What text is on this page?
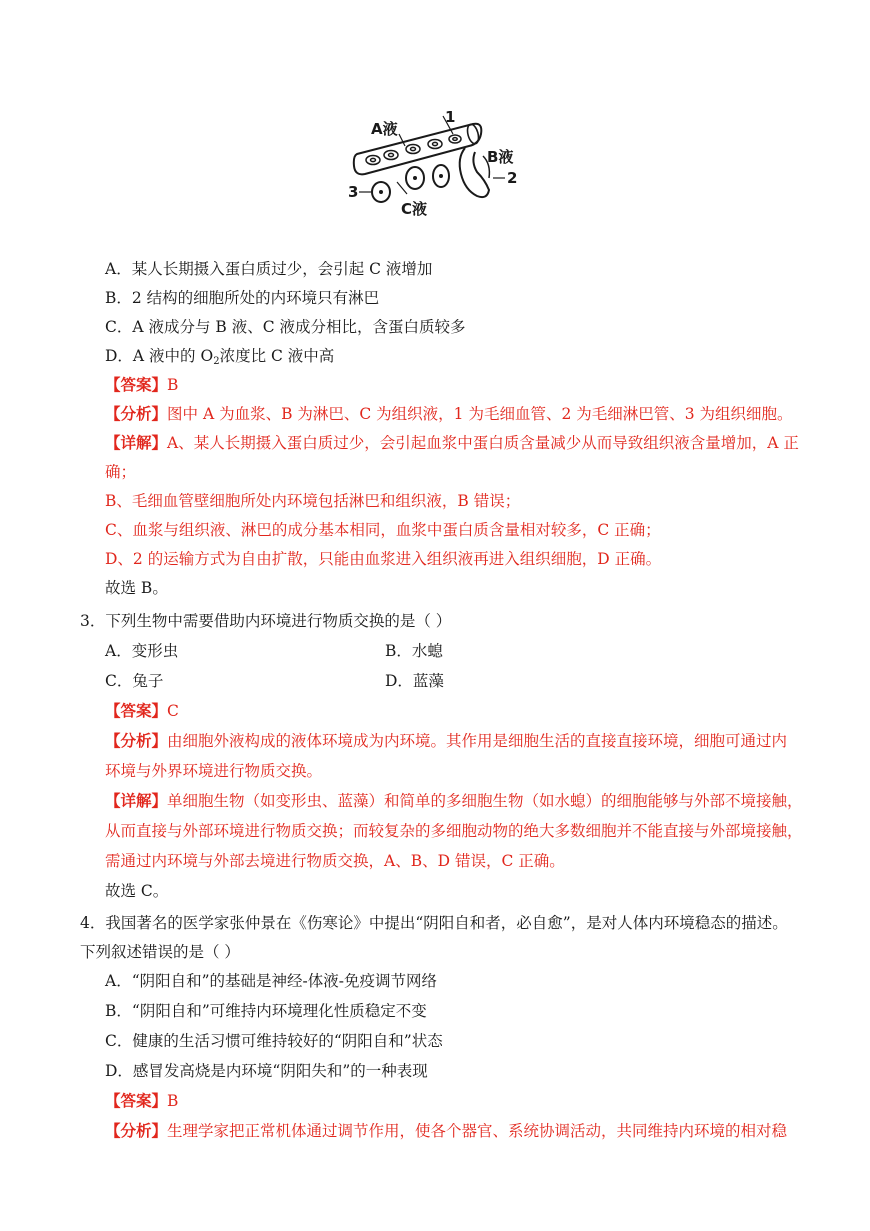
A液
1
B液
2
3
C液
A．某人长期摄入蛋白质过少，会引起 C 液增加
B．2 结构的细胞所处的内环境只有淋巴
C．A 液成分与 B 液、C 液成分相比，含蛋白质较多
D．A 液中的 $O_2$浓度比 C 液中高
【答案】B
【分析】图中 A 为血浆、B 为淋巴、C 为组织液，1 为毛细血管、2 为毛细淋巴管、3 为组织细胞。
【详解】A、某人长期摄入蛋白质过少，会引起血浆中蛋白质含量减少从而导致组织液含量增加，A 正
确；
B、毛细血管壁细胞所处内环境包括淋巴和组织液，B 错误；
C、血浆与组织液、淋巴的成分基本相同，血浆中蛋白质含量相对较多，C 正确；
D、2 的运输方式为自由扩散，只能由血浆进入组织液再进入组织细胞，D 正确。
故选 B。
3．下列生物中需要借助内环境进行物质交换的是（ ）
A．变形虫	B．水螅
C．兔子	D．蓝藻
【答案】C
【分析】由细胞外液构成的液体环境成为内环境。其作用是细胞生活的直接直接环境，细胞可通过内
环境与外界环境进行物质交换。
【详解】单细胞生物（如变形虫、蓝藻）和简单的多细胞生物（如水螅）的细胞能够与外部不境接触，
从而直接与外部环境进行物质交换；而较复杂的多细胞动物的绝大多数细胞并不能直接与外部境接触，
需通过内环境与外部去境进行物质交换，A、B、D 错误，C 正确。
故选 C。
4．我国著名的医学家张仲景在《伤寒论》中提出“阴阳自和者，必自愈”，是对人体内环境稳态的描述。
下列叙述错误的是（ ）
A．“阴阳自和”的基础是神经-体液-免疫调节网络
B．“阴阳自和”可维持内环境理化性质稳定不变
C．健康的生活习惯可维持较好的“阴阳自和”状态
D．感冒发高烧是内环境“阴阳失和”的一种表现
【答案】B
【分析】生理学家把正常机体通过调节作用，使各个器官、系统协调活动，共同维持内环境的相对稳
